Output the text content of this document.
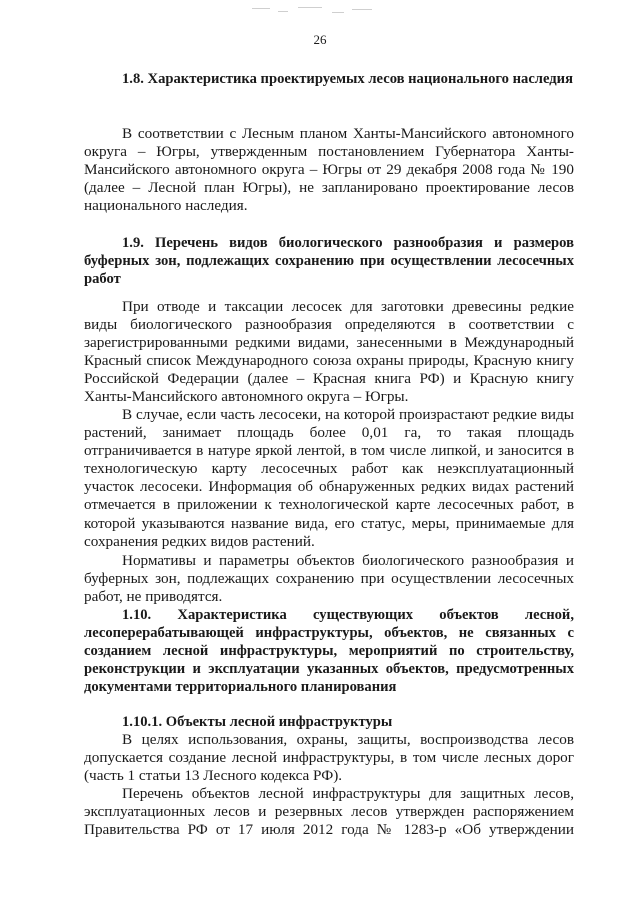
26

1.8. Характеристика проектируемых лесов национального наследия

В соответствии с Лесным планом Ханты-Мансийского автономного округа – Югры, утвержденным постановлением Губернатора Ханты-Мансийского автономного округа – Югры от 29 декабря 2008 года № 190 (далее – Лесной план Югры), не запланировано проектирование лесов национального наследия.

1.9. Перечень видов биологического разнообразия и размеров буферных зон, подлежащих сохранению при осуществлении лесосечных работ

При отводе и таксации лесосек для заготовки древесины редкие виды биологического разнообразия определяются в соответствии с зарегистрированными редкими видами, занесенными в Международный Красный список Международного союза охраны природы, Красную книгу Российской Федерации (далее – Красная книга РФ) и Красную книгу Ханты-Мансийского автономного округа – Югры.

В случае, если часть лесосеки, на которой произрастают редкие виды растений, занимает площадь более 0,01 га, то такая площадь отграничивается в натуре яркой лентой, в том числе липкой, и заносится в технологическую карту лесосечных работ как неэксплуатационный участок лесосеки. Информация об обнаруженных редких видах растений отмечается в приложении к технологической карте лесосечных работ, в которой указываются название вида, его статус, меры, принимаемые для сохранения редких видов растений.

Нормативы и параметры объектов биологического разнообразия и буферных зон, подлежащих сохранению при осуществлении лесосечных работ, не приводятся.

1.10. Характеристика существующих объектов лесной, лесоперерабатывающей инфраструктуры, объектов, не связанных с созданием лесной инфраструктуры, мероприятий по строительству, реконструкции и эксплуатации указанных объектов, предусмотренных документами территориального планирования

1.10.1. Объекты лесной инфраструктуры

В целях использования, охраны, защиты, воспроизводства лесов допускается создание лесной инфраструктуры, в том числе лесных дорог (часть 1 статьи 13 Лесного кодекса РФ).

Перечень объектов лесной инфраструктуры для защитных лесов, эксплуатационных лесов и резервных лесов утвержден распоряжением Правительства РФ от 17 июля 2012 года № 1283-р «Об утверждении
